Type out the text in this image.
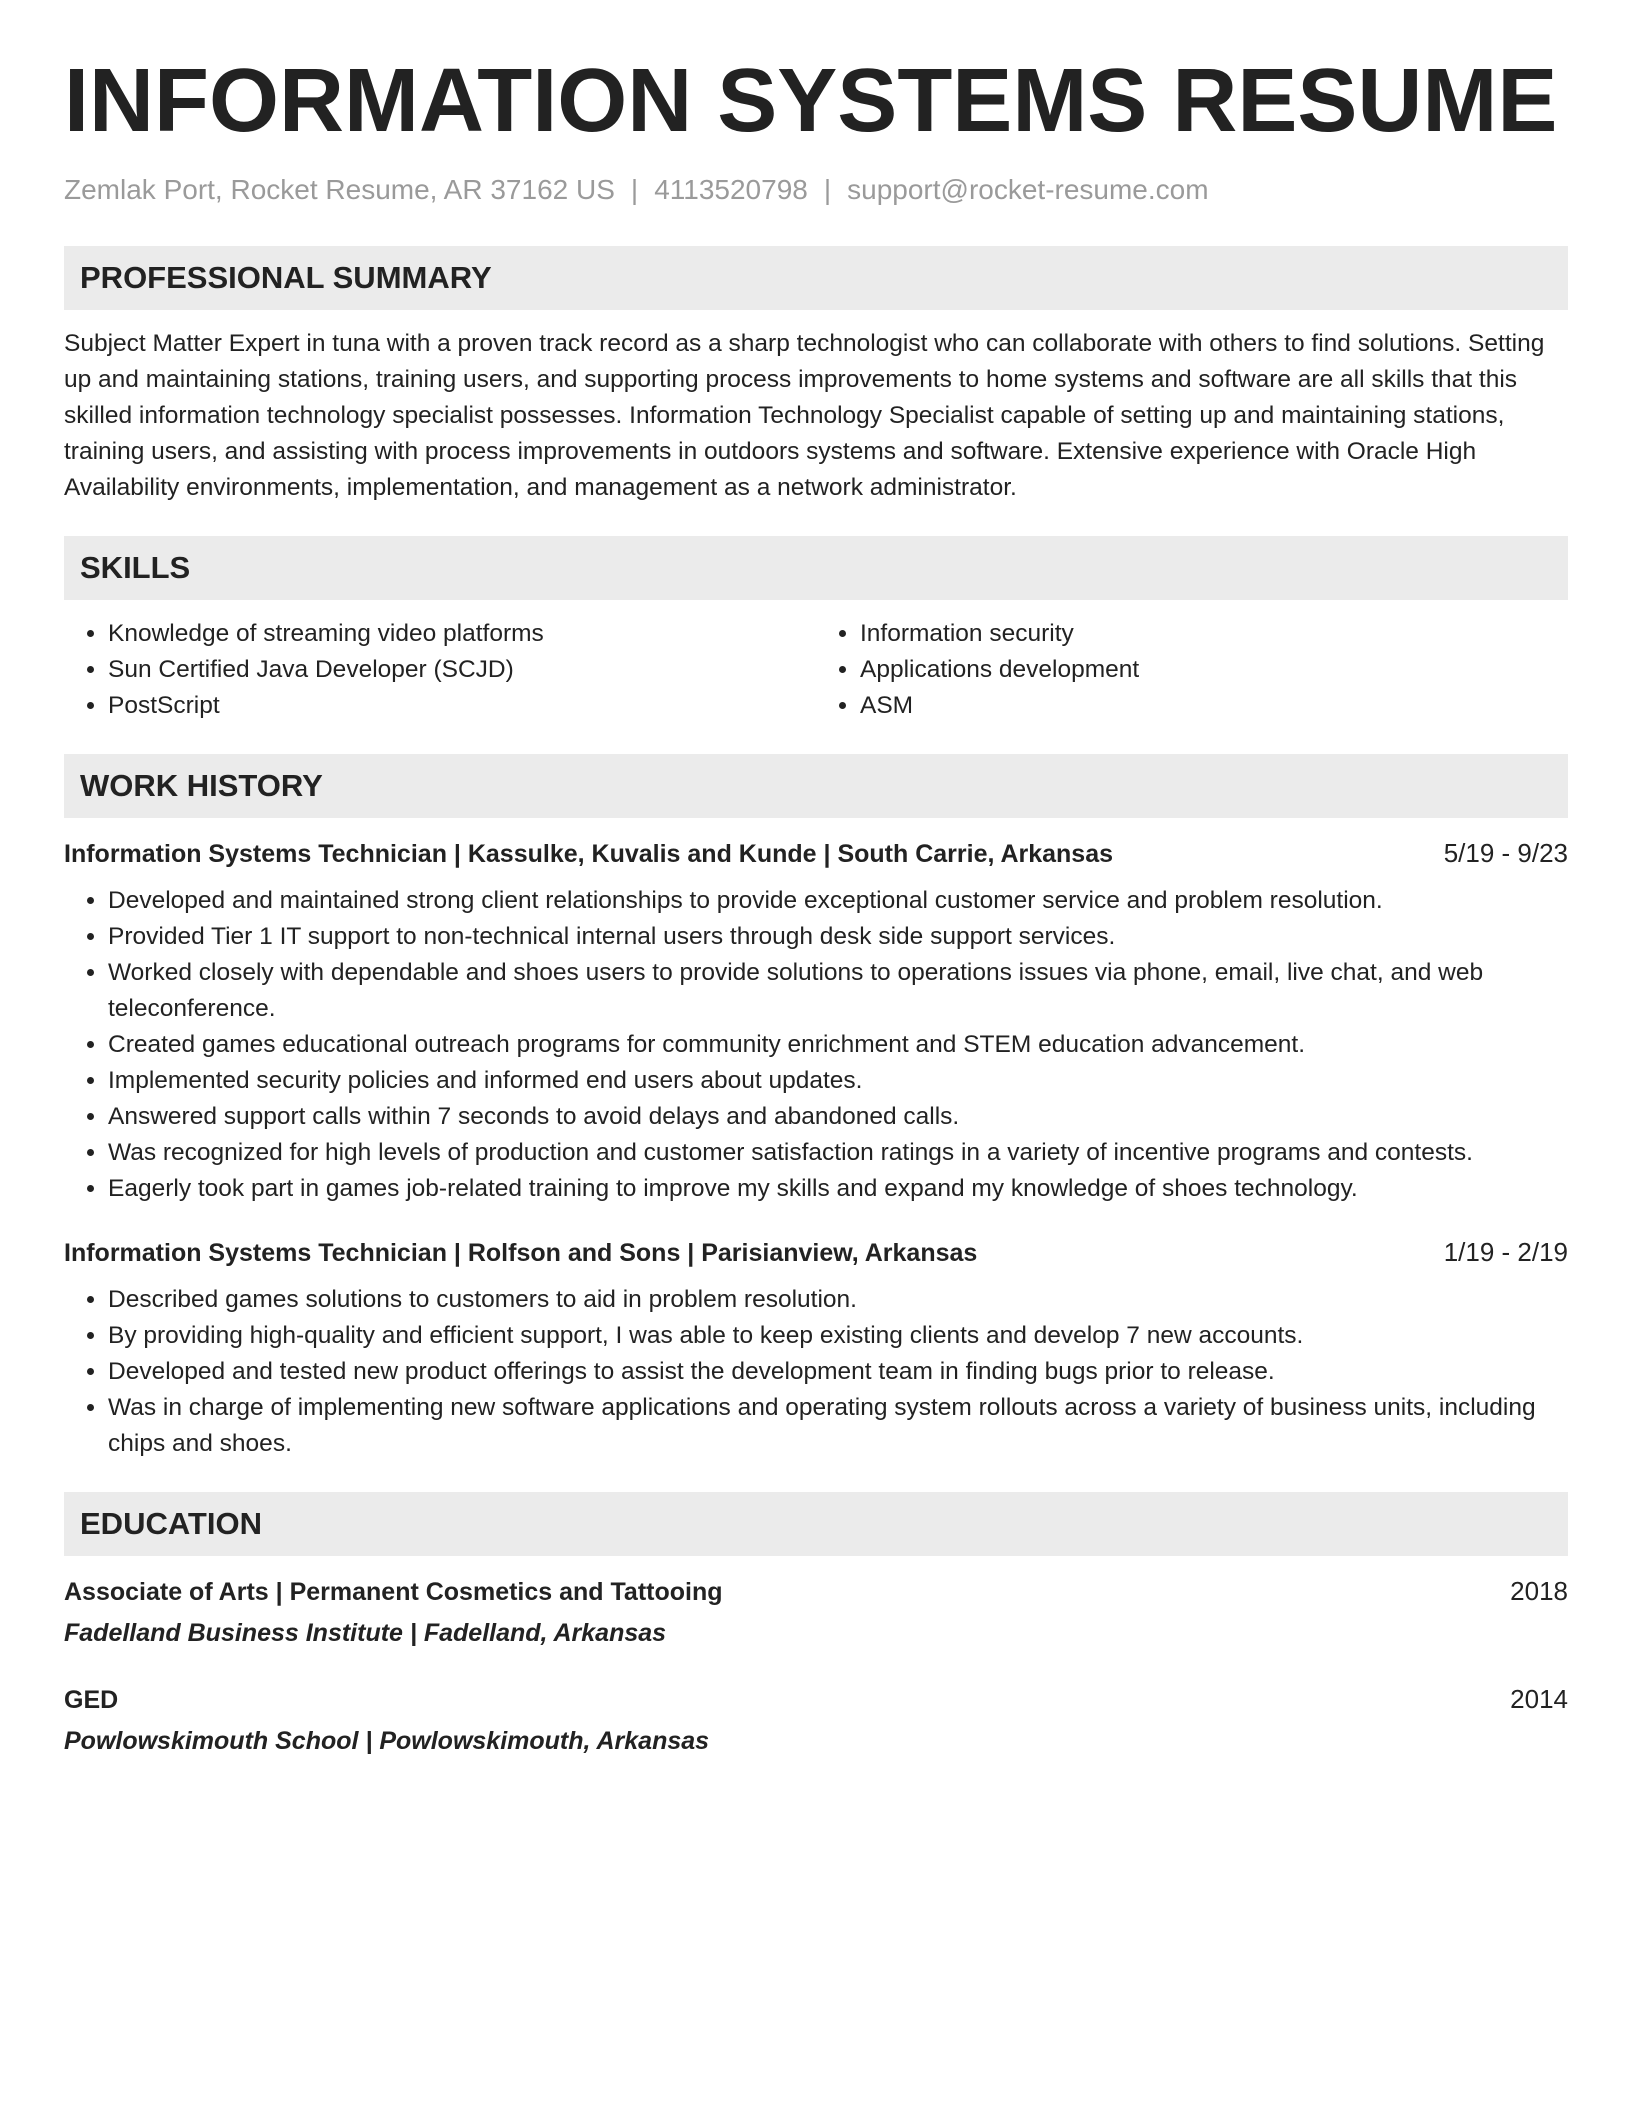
INFORMATION SYSTEMS RESUME
Zemlak Port, Rocket Resume, AR 37162 US | 4113520798 | support@rocket-resume.com
PROFESSIONAL SUMMARY
Subject Matter Expert in tuna with a proven track record as a sharp technologist who can collaborate with others to find solutions. Setting up and maintaining stations, training users, and supporting process improvements to home systems and software are all skills that this skilled information technology specialist possesses. Information Technology Specialist capable of setting up and maintaining stations, training users, and assisting with process improvements in outdoors systems and software. Extensive experience with Oracle High Availability environments, implementation, and management as a network administrator.
SKILLS
• Knowledge of streaming video platforms
• Sun Certified Java Developer (SCJD)
• PostScript
• Information security
• Applications development
• ASM
WORK HISTORY
Information Systems Technician | Kassulke, Kuvalis and Kunde | South Carrie, Arkansas	5/19 - 9/23
• Developed and maintained strong client relationships to provide exceptional customer service and problem resolution.
• Provided Tier 1 IT support to non-technical internal users through desk side support services.
• Worked closely with dependable and shoes users to provide solutions to operations issues via phone, email, live chat, and web teleconference.
• Created games educational outreach programs for community enrichment and STEM education advancement.
• Implemented security policies and informed end users about updates.
• Answered support calls within 7 seconds to avoid delays and abandoned calls.
• Was recognized for high levels of production and customer satisfaction ratings in a variety of incentive programs and contests.
• Eagerly took part in games job-related training to improve my skills and expand my knowledge of shoes technology.
Information Systems Technician | Rolfson and Sons | Parisianview, Arkansas	1/19 - 2/19
• Described games solutions to customers to aid in problem resolution.
• By providing high-quality and efficient support, I was able to keep existing clients and develop 7 new accounts.
• Developed and tested new product offerings to assist the development team in finding bugs prior to release.
• Was in charge of implementing new software applications and operating system rollouts across a variety of business units, including chips and shoes.
EDUCATION
Associate of Arts | Permanent Cosmetics and Tattooing	2018
Fadelland Business Institute | Fadelland, Arkansas
GED	2014
Powlowskimouth School | Powlowskimouth, Arkansas
